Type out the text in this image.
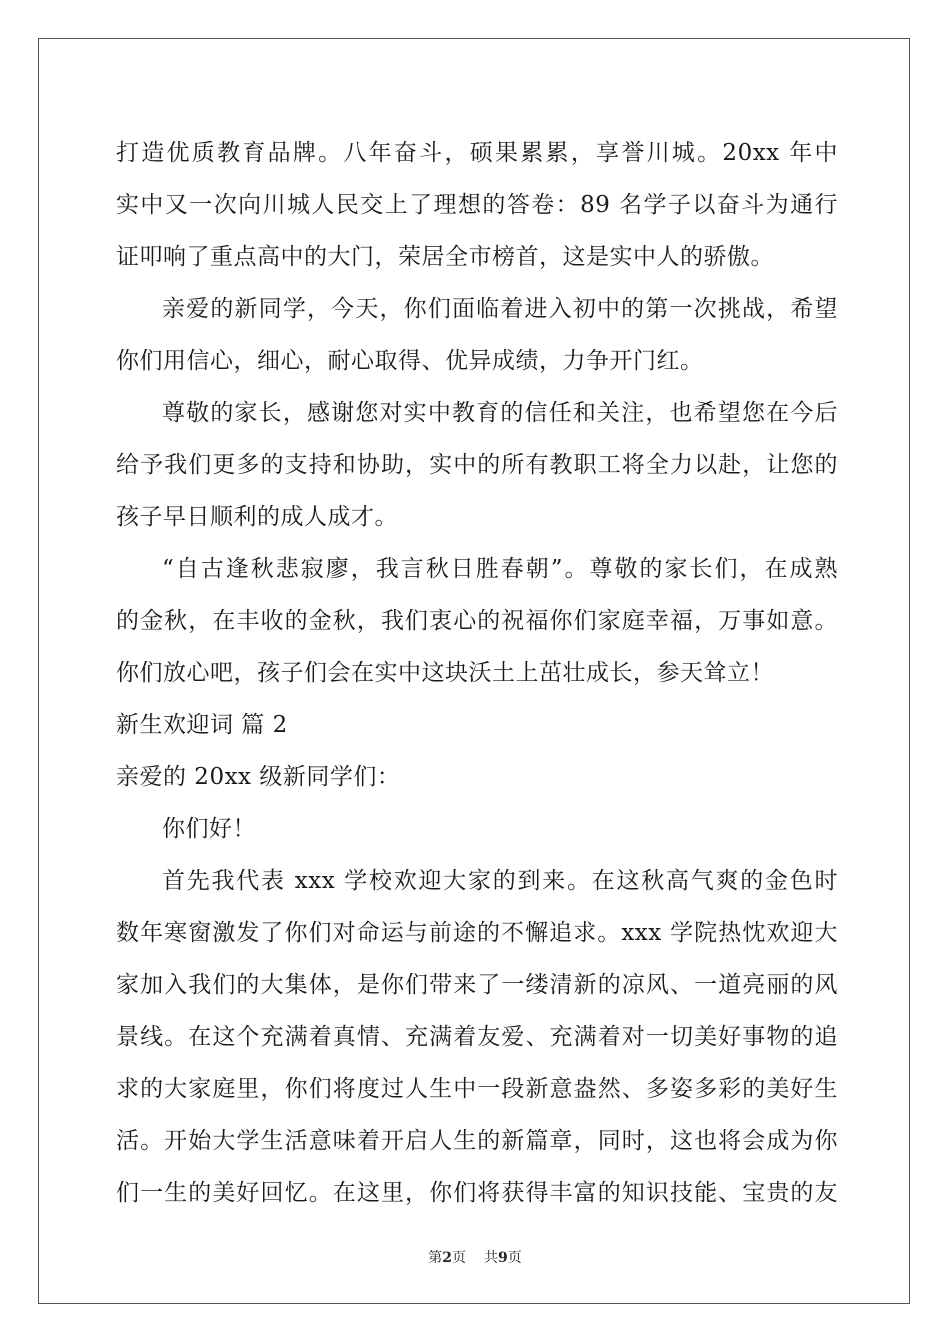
打造优质教育品牌。八年奋斗，硕果累累，享誉川城。20xx 年中
实中又一次向川城人民交上了理想的答卷：89 名学子以奋斗为通行
证叩响了重点高中的大门，荣居全市榜首，这是实中人的骄傲。
亲爱的新同学，今天，你们面临着进入初中的第一次挑战，希望
你们用信心，细心，耐心取得、优异成绩，力争开门红。
尊敬的家长，感谢您对实中教育的信任和关注，也希望您在今后
给予我们更多的支持和协助，实中的所有教职工将全力以赴，让您的
孩子早日顺利的成人成才。
“自古逢秋悲寂廖，我言秋日胜春朝”。尊敬的家长们，在成熟
的金秋，在丰收的金秋，我们衷心的祝福你们家庭幸福，万事如意。
你们放心吧，孩子们会在实中这块沃土上茁壮成长，参天耸立！
新生欢迎词 篇 2
亲爱的 20xx 级新同学们：
你们好！
首先我代表 xxx 学校欢迎大家的到来。在这秋高气爽的金色时
数年寒窗激发了你们对命运与前途的不懈追求。xxx 学院热忱欢迎大
家加入我们的大集体，是你们带来了一缕清新的凉风、一道亮丽的风
景线。在这个充满着真情、充满着友爱、充满着对一切美好事物的追
求的大家庭里，你们将度过人生中一段新意盎然、多姿多彩的美好生
活。开始大学生活意味着开启人生的新篇章，同时，这也将会成为你
们一生的美好回忆。在这里，你们将获得丰富的知识技能、宝贵的友
第2页 共9页
